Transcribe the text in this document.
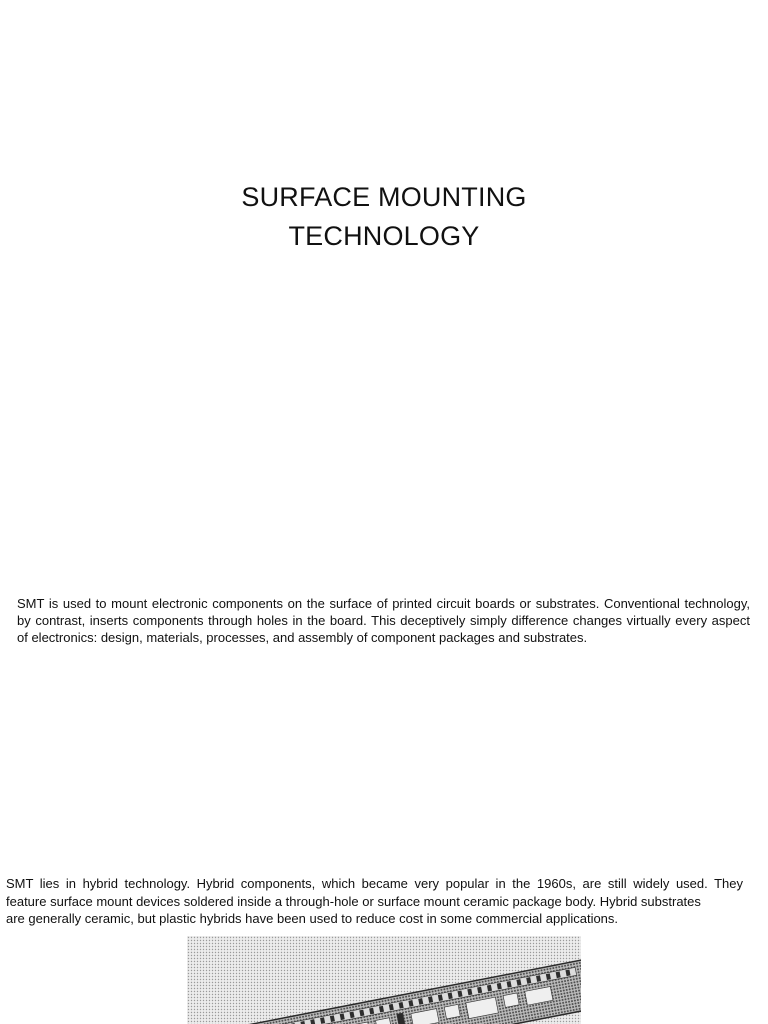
SURFACE MOUNTING
TECHNOLOGY
SMT is used to mount electronic components on the surface of printed circuit boards or substrates. Conventional technology,
by contrast, inserts components through holes in the board. This deceptively simply difference changes virtually every aspect
of electronics: design, materials, processes, and assembly of component packages and substrates.
SMT lies in hybrid technology. Hybrid components, which became very popular in the 1960s, are still widely used. They
feature surface mount devices soldered inside a through-hole or surface mount ceramic package body. Hybrid substrates
are generally ceramic, but plastic hybrids have been used to reduce cost in some commercial applications.
